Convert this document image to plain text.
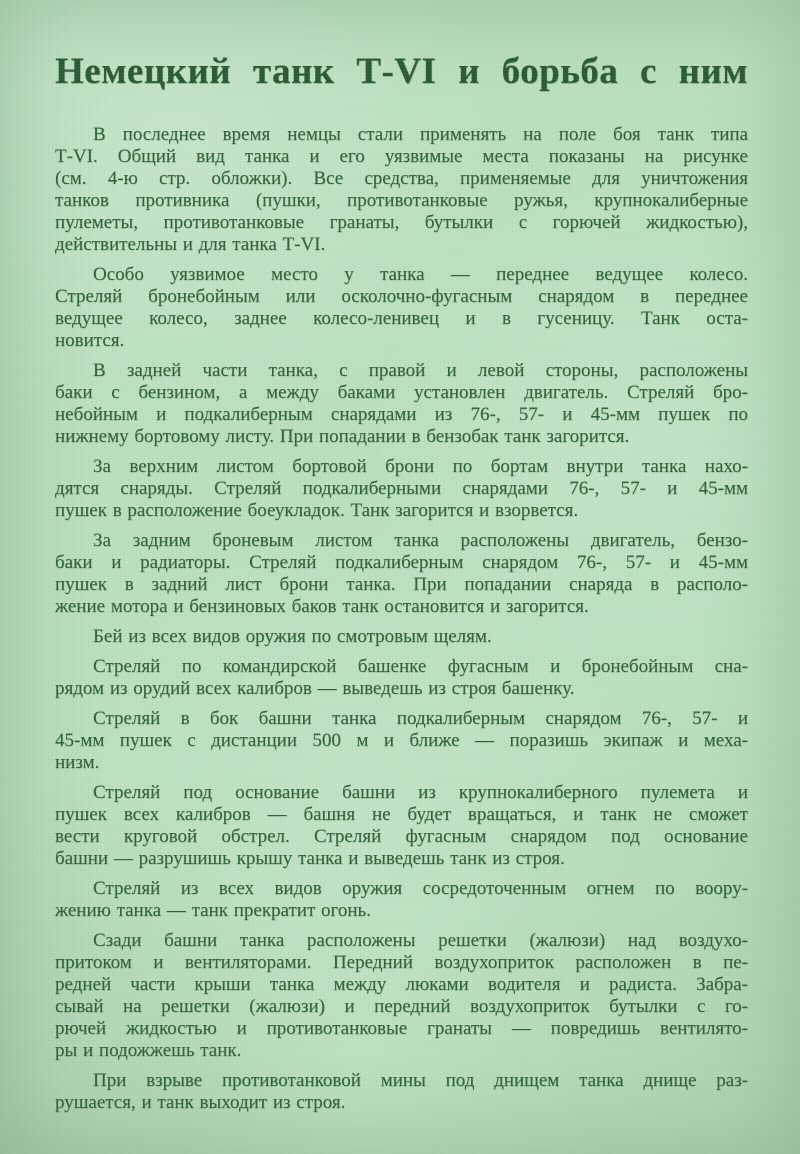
Немецкий танк Т-VI и борьба с ним

В последнее время немцы стали применять на поле боя танк типа
Т-VI. Общий вид танка и его уязвимые места показаны на рисунке
(см. 4-ю стр. обложки). Все средства, применяемые для уничтожения
танков противника (пушки, противотанковые ружья, крупнокалиберные
пулеметы, противотанковые гранаты, бутылки с горючей жидкостью),
действительны и для танка Т-VI.

Особо уязвимое место у танка — переднее ведущее колесо.
Стреляй бронебойным или осколочно-фугасным снарядом в переднее
ведущее колесо, заднее колесо-ленивец и в гусеницу. Танк оста-
новится.

В задней части танка, с правой и левой стороны, расположены
баки с бензином, а между баками установлен двигатель. Стреляй бро-
небойным и подкалиберным снарядами из 76-, 57- и 45-мм пушек по
нижнему бортовому листу. При попадании в бензобак танк загорится.

За верхним листом бортовой брони по бортам внутри танка нахо-
дятся снаряды. Стреляй подкалиберными снарядами 76-, 57- и 45-мм
пушек в расположение боеукладок. Танк загорится и взорвется.

За задним броневым листом танка расположены двигатель, бензо-
баки и радиаторы. Стреляй подкалиберным снарядом 76-, 57- и 45-мм
пушек в задний лист брони танка. При попадании снаряда в располо-
жение мотора и бензиновых баков танк остановится и загорится.

Бей из всех видов оружия по смотровым щелям.

Стреляй по командирской башенке фугасным и бронебойным сна-
рядом из орудий всех калибров — выведешь из строя башенку.

Стреляй в бок башни танка подкалиберным снарядом 76-, 57- и
45-мм пушек с дистанции 500 м и ближе — поразишь экипаж и меха-
низм.

Стреляй под основание башни из крупнокалиберного пулемета и
пушек всех калибров — башня не будет вращаться, и танк не сможет
вести круговой обстрел. Стреляй фугасным снарядом под основание
башни — разрушишь крышу танка и выведешь танк из строя.

Стреляй из всех видов оружия сосредоточенным огнем по воору-
жению танка — танк прекратит огонь.

Сзади башни танка расположены решетки (жалюзи) над воздухо-
притоком и вентиляторами. Передний воздухоприток расположен в пе-
редней части крыши танка между люками водителя и радиста. Забра-
сывай на решетки (жалюзи) и передний воздухоприток бутылки с го-
рючей жидкостью и противотанковые гранаты — повредишь вентилято-
ры и подожжешь танк.

При взрыве противотанковой мины под днищем танка днище раз-
рушается, и танк выходит из строя.
